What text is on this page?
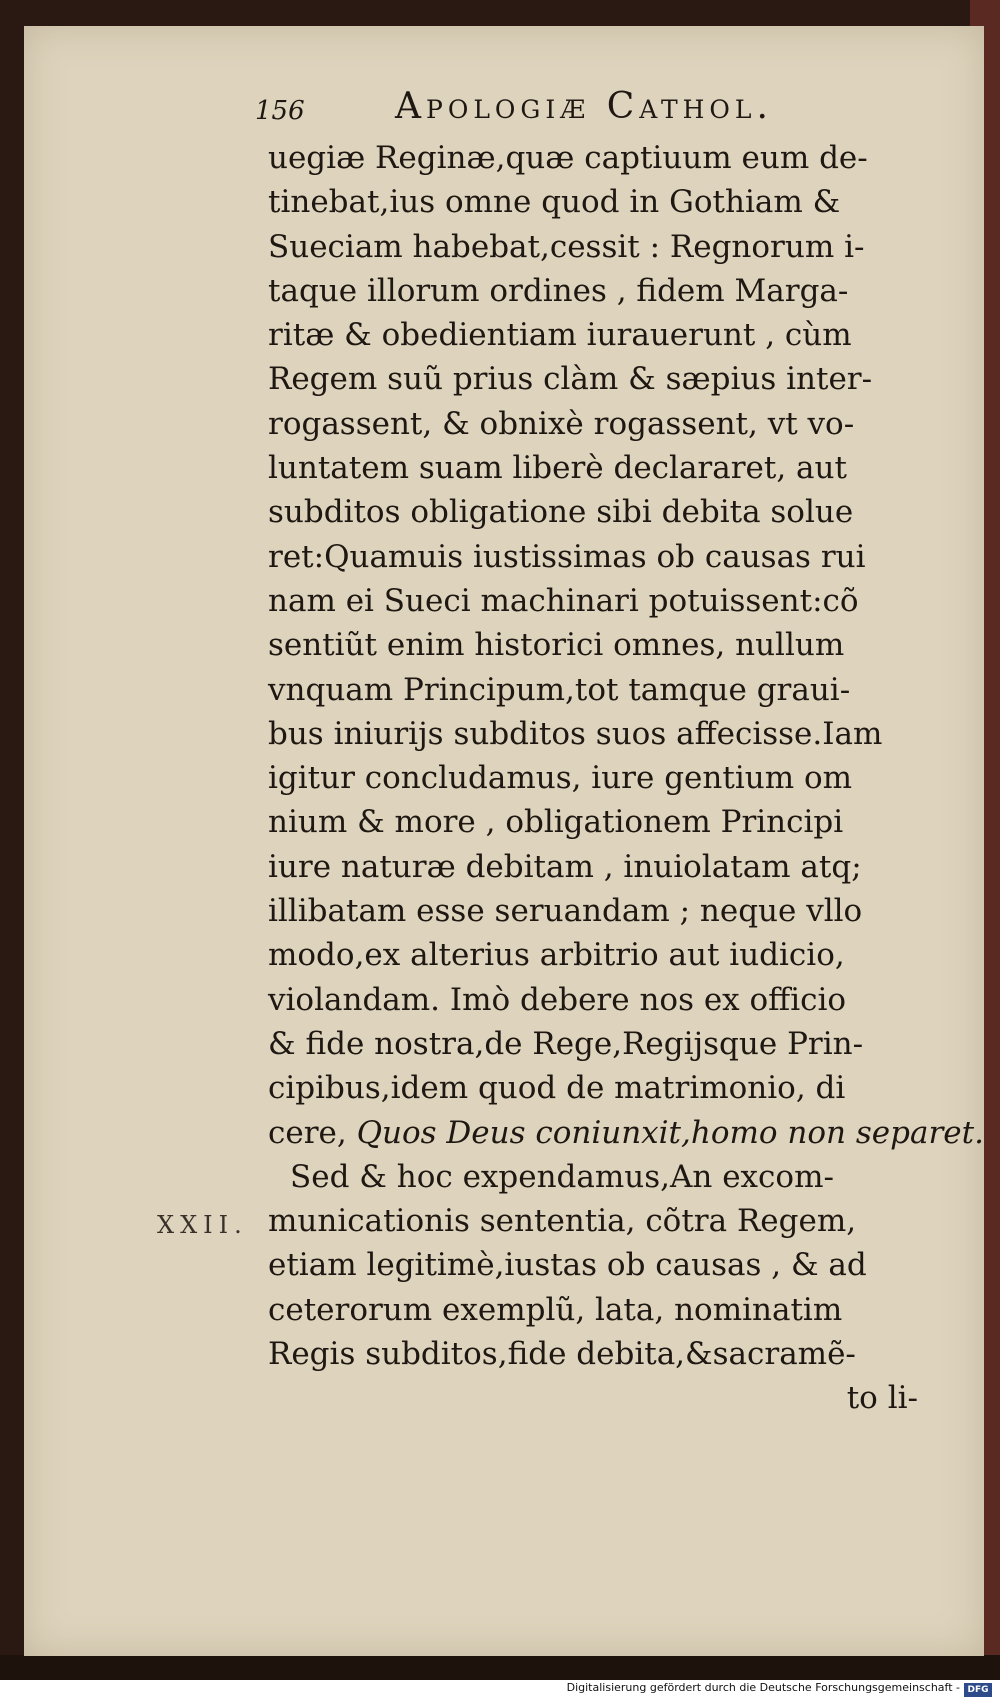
156	Apologiæ Cathol.
uegiæ Reginæ,quæ captiuum eum de-
tinebat,ius omne quod in Gothiam &
Sueciam habebat,cessit : Regnorum i-
taque illorum ordines , fidem Marga-
ritæ & obedientiam iurauerunt , cùm
Regem suũ prius clàm & sæpius inter-
rogassent, & obnixè rogassent, vt vo-
luntatem suam liberè declararet, aut
subditos obligatione sibi debita solue
ret:Quamuis iustissimas ob causas rui
nam ei Sueci machinari potuissent:cõ
sentiũt enim historici omnes, nullum
vnquam Principum,tot tamque graui-
bus iniurijs subditos suos affecisse.Iam
igitur concludamus, iure gentium om
nium & more , obligationem Principi
iure naturæ debitam , inuiolatam atq;
illibatam esse seruandam ; neque vllo
modo,ex alterius arbitrio aut iudicio,
violandam. Imò debere nos ex officio
& fide nostra,de Rege,Regijsque Prin-
cipibus,idem quod de matrimonio, di
cere, Quos Deus coniunxit,homo non separet.
Sed & hoc expendamus,An excom-
municationis sententia, cõtra Regem,
etiam legitimè,iustas ob causas , & ad
ceterorum exemplũ, lata, nominatim
Regis subditos,fide debita,&sacramẽ-
to li-
XXII.
Digitalisierung gefördert durch die Deutsche Forschungsgemeinschaft - DFG
